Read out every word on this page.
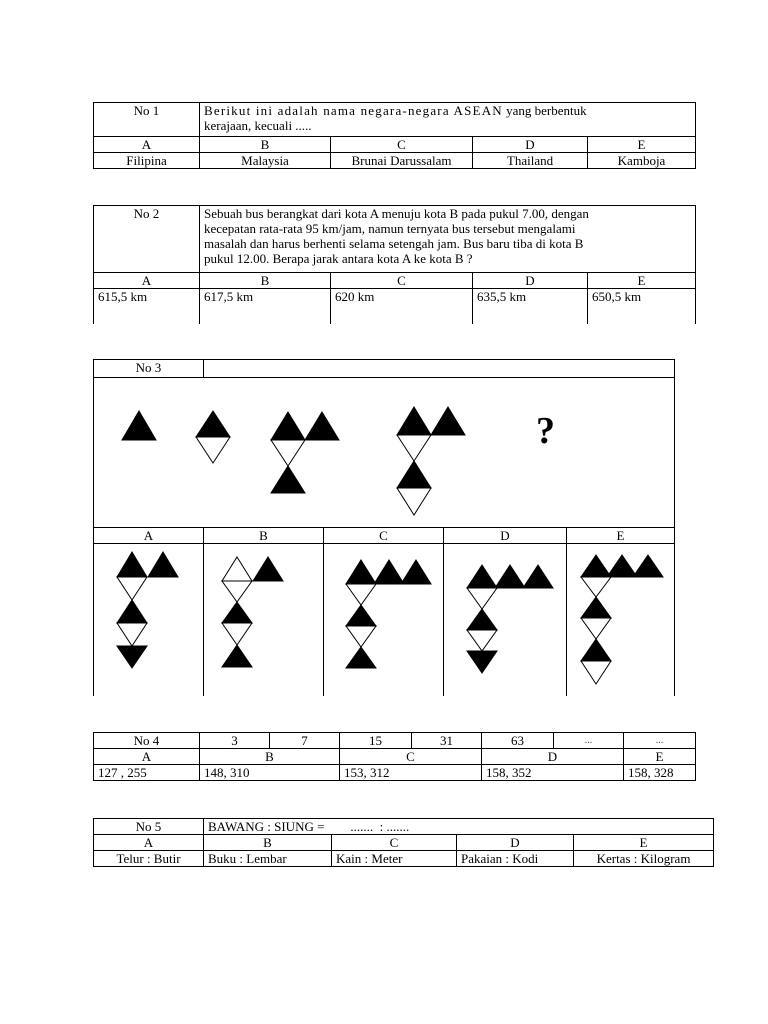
No 1	Berikut ini adalah nama negara-negara ASEAN yang berbentuk
kerajaan, kecuali .....			
A	B	C	D	E
Filipina	Malaysia	Brunai Darussalam	Thailand	Kamboja
No 2	Sebuah bus berangkat dari kota A menuju kota B pada pukul 7.00, dengan
kecepatan rata-rata 95 km/jam, namun ternyata bus tersebut mengalami
masalah dan harus berhenti selama setengah jam. Bus baru tiba di kota B
pukul 12.00. Berapa jarak antara kota A ke kota B ?			
A	B	C	D	E
615,5 km	617,5 km	620 km	635,5 km	650,5 km
No 3				

A	B	C	D	E

?
No 4	3	7	15	31	63	...	...
A	B		C		D		E
127 , 255	148, 310		153, 312		158, 352		158, 328
No 5	BAWANG : SIUNG =        .......  : .......			
A	B	C	D	E
Telur : Butir	Buku : Lembar	Kain : Meter	Pakaian : Kodi	Kertas : Kilogram
